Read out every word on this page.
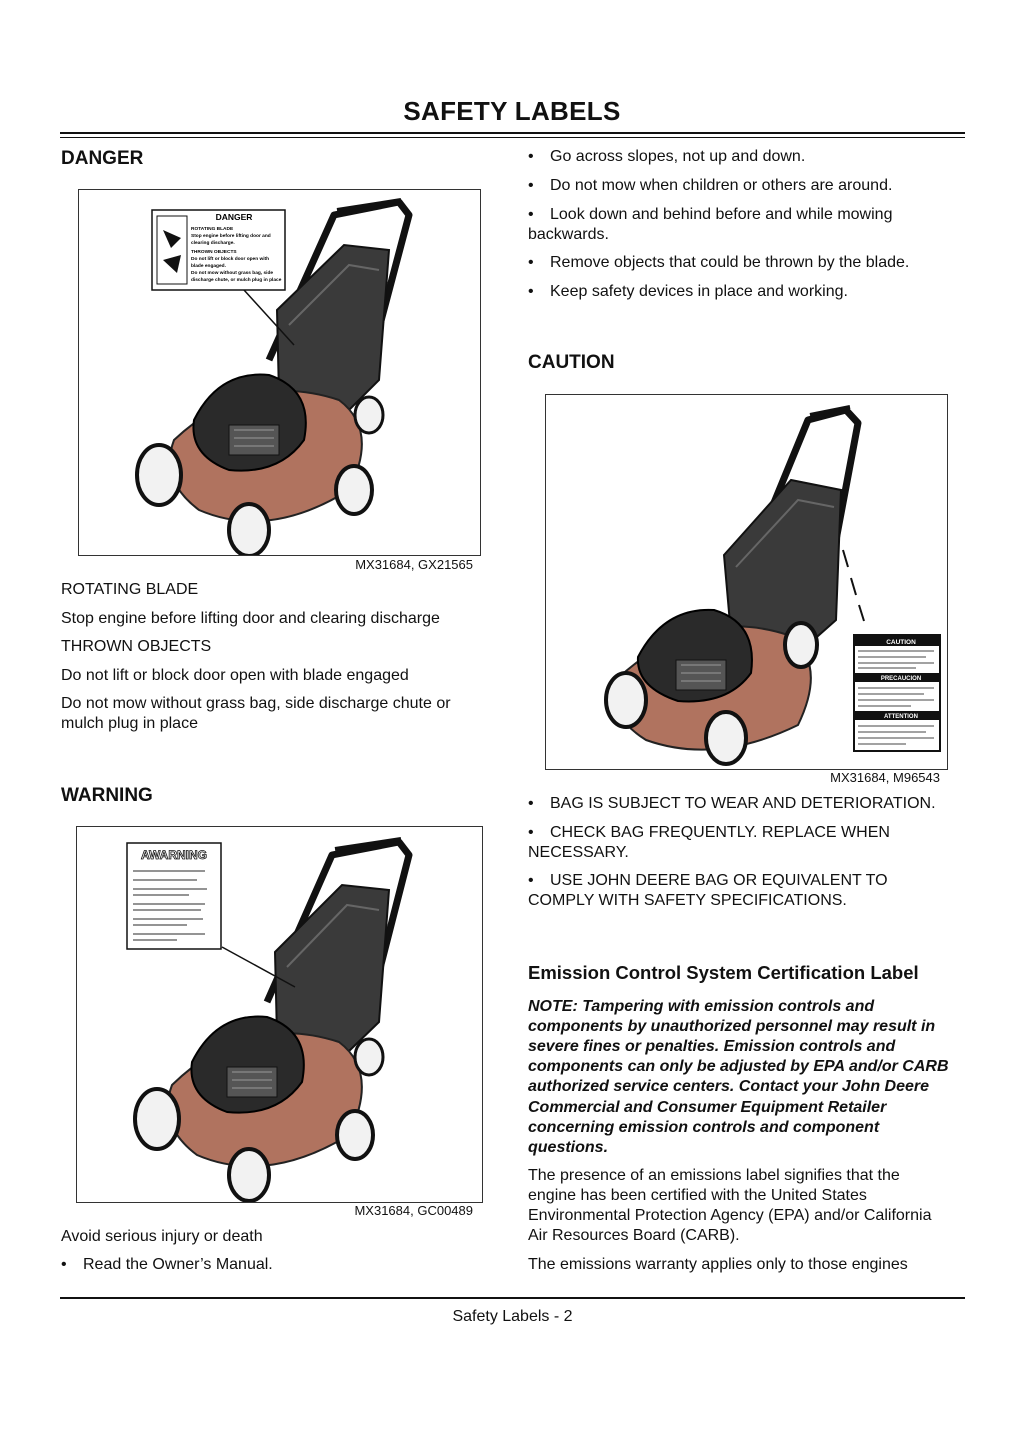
SAFETY LABELS
DANGER
DANGER
ROTATING BLADE
Stop engine before lifting door and
clearing discharge.
THROWN OBJECTS
Do not lift or block door open with
blade engaged.
Do not mow without grass bag, side
discharge chute, or mulch plug in place
MX31684, GX21565

ROTATING BLADE

Stop engine before lifting door and clearing discharge

THROWN OBJECTS

Do not lift or block door open with blade engaged

Do not mow without grass bag, side discharge chute or

mulch plug in place

WARNING
AWARNING
MX31684, GC00489

Avoid serious injury or death

• Read the Owner’s Manual.

• Go across slopes, not up and down.

• Do not mow when children or others are around.

• Look down and behind before and while mowing

backwards.

• Remove objects that could be thrown by the blade.

• Keep safety devices in place and working.

CAUTION
CAUTION
PRECAUCION
ATTENTION
MX31684, M96543

• BAG IS SUBJECT TO WEAR AND DETERIORATION.

• CHECK BAG FREQUENTLY. REPLACE WHEN

NECESSARY.

• USE JOHN DEERE BAG OR EQUIVALENT TO

COMPLY WITH SAFETY SPECIFICATIONS.

Emission Control System Certification Label

NOTE: Tampering with emission controls and

components by unauthorized personnel may result in

severe fines or penalties. Emission controls and

components can only be adjusted by EPA and/or CARB

authorized service centers. Contact your John Deere

Commercial and Consumer Equipment Retailer

concerning emission controls and component

questions.

The presence of an emissions label signifies that the

engine has been certified with the United States

Environmental Protection Agency (EPA) and/or California

Air Resources Board (CARB).

The emissions warranty applies only to those engines

Safety Labels - 2
